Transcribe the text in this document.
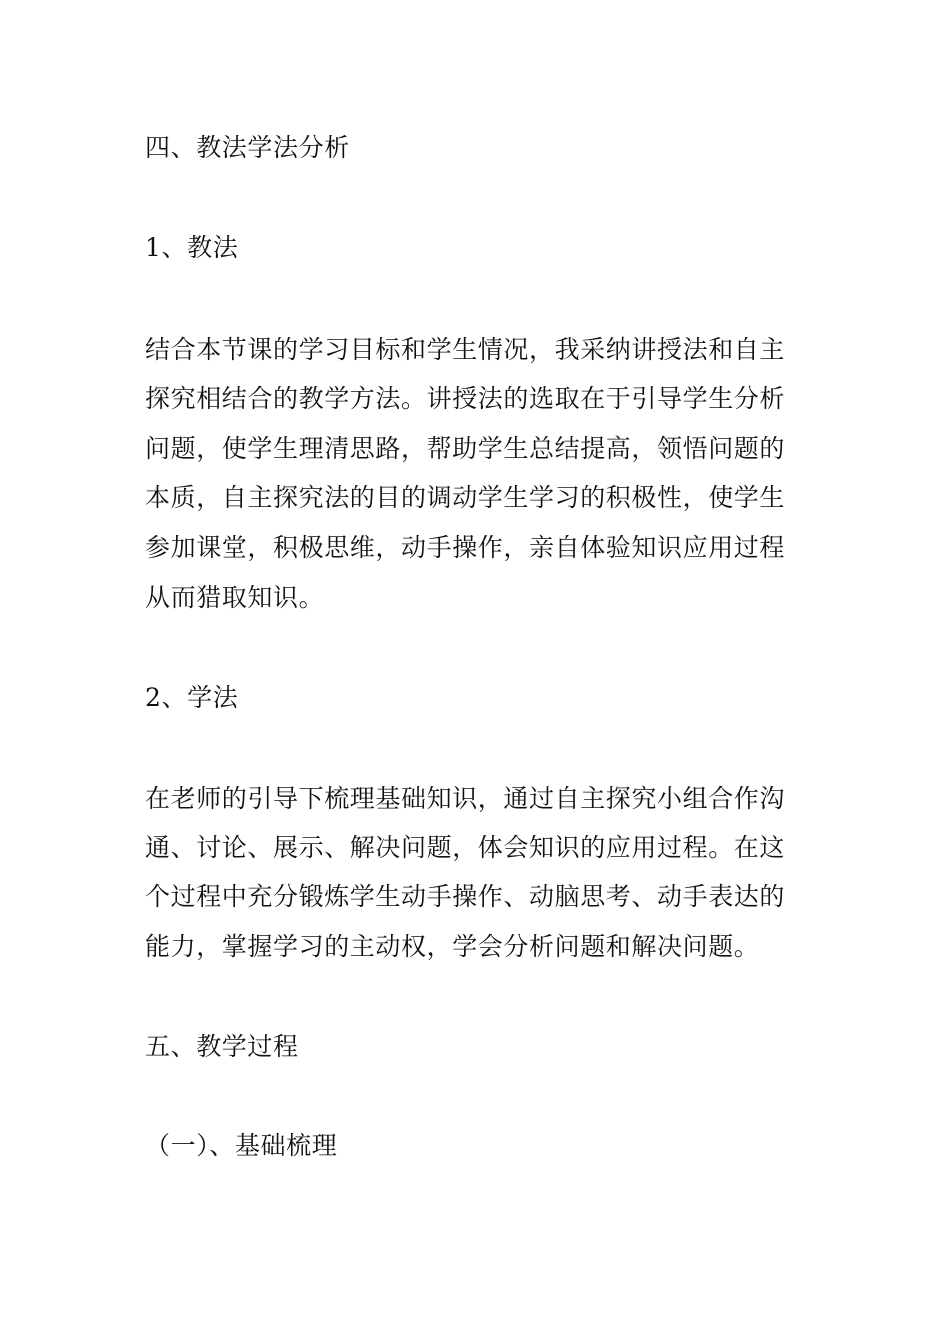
四、教法学法分析
1、教法
结合本节课的学习目标和学生情况，我采纳讲授法和自主
探究相结合的教学方法。讲授法的选取在于引导学生分析
问题，使学生理清思路，帮助学生总结提高，领悟问题的
本质，自主探究法的目的调动学生学习的积极性，使学生
参加课堂，积极思维，动手操作，亲自体验知识应用过程
从而猎取知识。
2、学法
在老师的引导下梳理基础知识，通过自主探究小组合作沟
通、讨论、展示、解决问题，体会知识的应用过程。在这
个过程中充分锻炼学生动手操作、动脑思考、动手表达的
能力，掌握学习的主动权，学会分析问题和解决问题。
五、教学过程
（一）、基础梳理
